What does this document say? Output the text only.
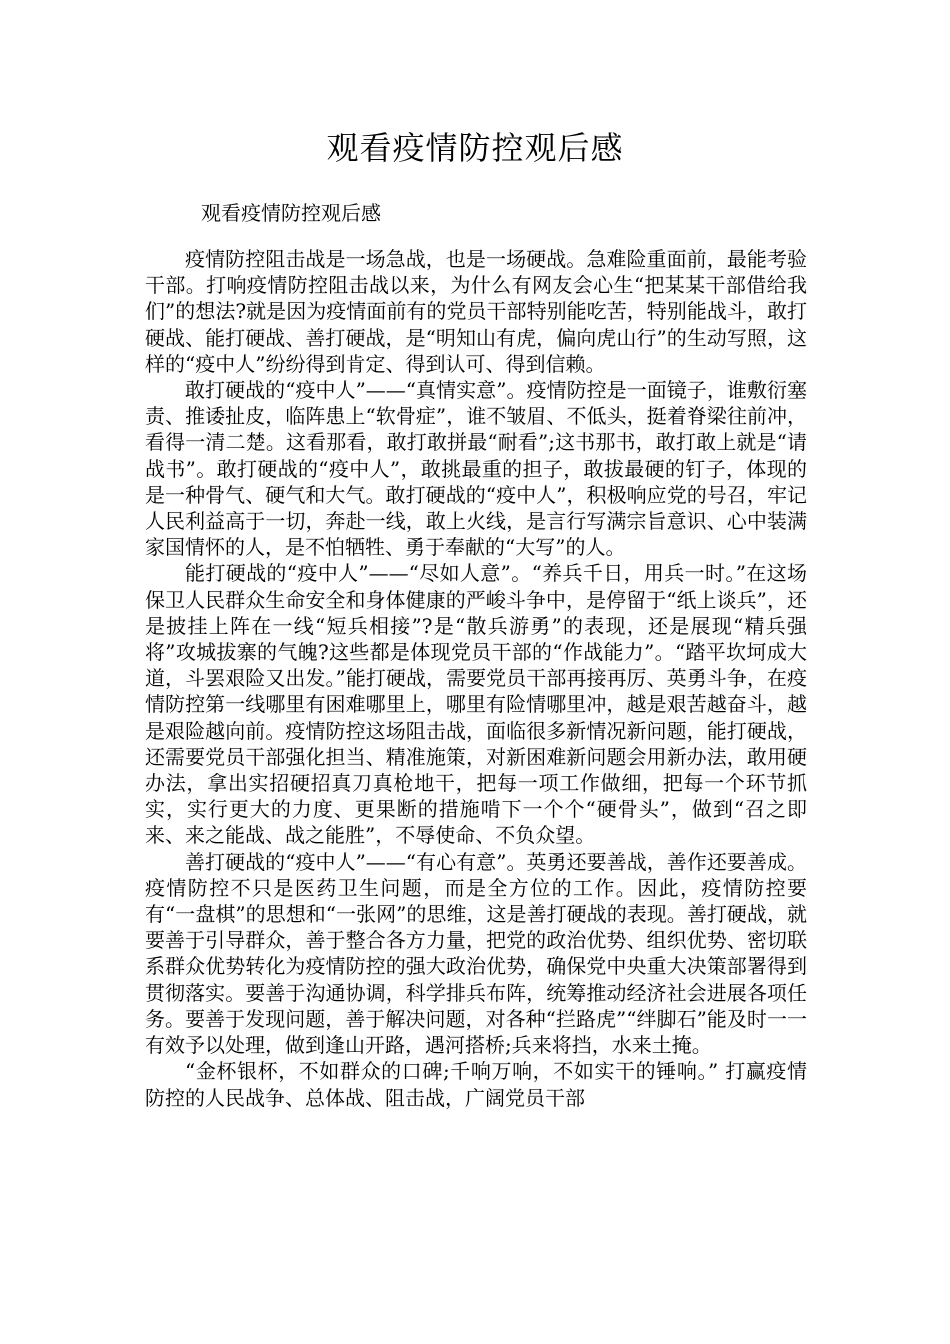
观看疫情防控观后感
观看疫情防控观后感

疫情防控阻击战是一场急战，也是一场硬战。急难险重面前，最能考验干部。打响疫情防控阻击战以来，为什么有网友会心生“把某某干部借给我们”的想法?就是因为疫情面前有的党员干部特别能吃苦，特别能战斗，敢打硬战、能打硬战、善打硬战，是“明知山有虎，偏向虎山行”的生动写照，这样的“疫中人”纷纷得到肯定、得到认可、得到信赖。

敢打硬战的“疫中人”——“真情实意”。疫情防控是一面镜子，谁敷衍塞责、推诿扯皮，临阵患上“软骨症”，谁不皱眉、不低头，挺着脊梁往前冲，看得一清二楚。这看那看，敢打敢拼最“耐看”;这书那书，敢打敢上就是“请战书”。敢打硬战的“疫中人”，敢挑最重的担子，敢拔最硬的钉子，体现的是一种骨气、硬气和大气。敢打硬战的“疫中人”，积极响应党的号召，牢记人民利益高于一切，奔赴一线，敢上火线，是言行写满宗旨意识、心中装满家国情怀的人，是不怕牺牲、勇于奉献的“大写”的人。

能打硬战的“疫中人”——“尽如人意”。“养兵千日，用兵一时。”在这场保卫人民群众生命安全和身体健康的严峻斗争中，是停留于“纸上谈兵”，还是披挂上阵在一线“短兵相接”?是“散兵游勇”的表现，还是展现“精兵强将”攻城拔寨的气魄?这些都是体现党员干部的“作战能力”。“踏平坎坷成大道，斗罢艰险又出发。”能打硬战，需要党员干部再接再厉、英勇斗争，在疫情防控第一线哪里有困难哪里上，哪里有险情哪里冲，越是艰苦越奋斗，越是艰险越向前。疫情防控这场阻击战，面临很多新情况新问题，能打硬战，还需要党员干部强化担当、精准施策，对新困难新问题会用新办法，敢用硬办法，拿出实招硬招真刀真枪地干，把每一项工作做细，把每一个环节抓实，实行更大的力度、更果断的措施啃下一个个“硬骨头”，做到“召之即来、来之能战、战之能胜”，不辱使命、不负众望。

善打硬战的“疫中人”——“有心有意”。英勇还要善战，善作还要善成。疫情防控不只是医药卫生问题，而是全方位的工作。因此，疫情防控要有“一盘棋”的思想和“一张网”的思维，这是善打硬战的表现。善打硬战，就要善于引导群众，善于整合各方力量，把党的政治优势、组织优势、密切联系群众优势转化为疫情防控的强大政治优势，确保党中央重大决策部署得到贯彻落实。要善于沟通协调，科学排兵布阵，统筹推动经济社会进展各项任务。要善于发现问题，善于解决问题，对各种“拦路虎”“绊脚石”能及时一一有效予以处理，做到逢山开路，遇河搭桥;兵来将挡，水来土掩。

“金杯银杯，不如群众的口碑;千响万响，不如实干的锤响。” 打赢疫情防控的人民战争、总体战、阻击战，广阔党员干部
